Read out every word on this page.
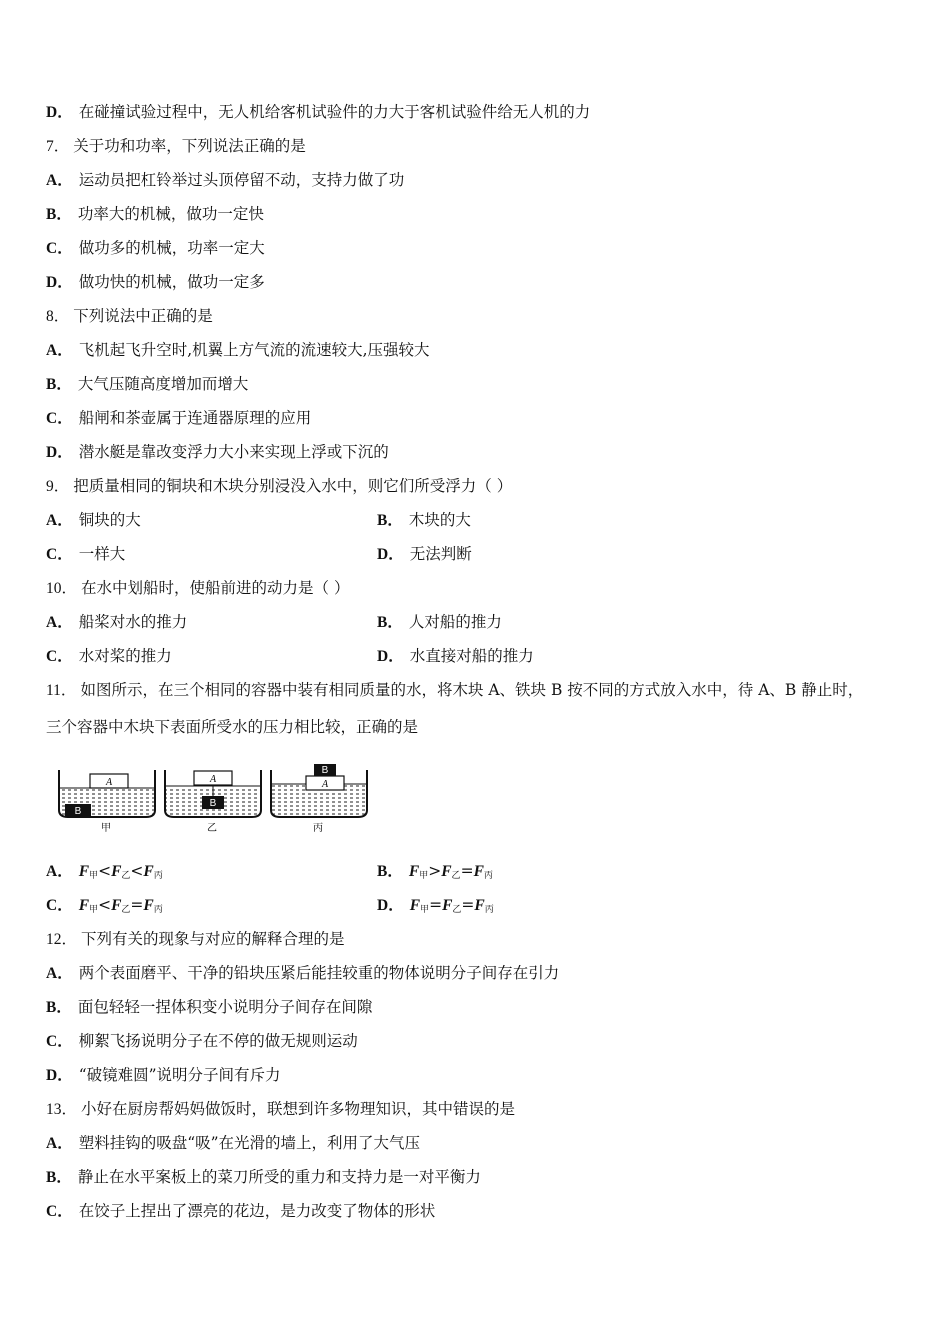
D． 在碰撞试验过程中，无人机给客机试验件的力大于客机试验件给无人机的力
7． 关于功和功率，下列说法正确的是
A． 运动员把杠铃举过头顶停留不动，支持力做了功
B． 功率大的机械，做功一定快
C． 做功多的机械，功率一定大
D． 做功快的机械，做功一定多
8． 下列说法中正确的是
A． 飞机起飞升空时,机翼上方气流的流速较大,压强较大
B． 大气压随高度增加而增大
C． 船闸和茶壶属于连通器原理的应用
D． 潜水艇是靠改变浮力大小来实现上浮或下沉的
9． 把质量相同的铜块和木块分别浸没入水中，则它们所受浮力（ ）
A． 铜块的大	B． 木块的大
C． 一样大	D． 无法判断
10． 在水中划船时，使船前进的动力是（ ）
A． 船桨对水的推力	B． 人对船的推力
C． 水对桨的推力	D． 水直接对船的推力
11． 如图所示，在三个相同的容器中装有相同质量的水，将木块 A、铁块 B 按不同的方式放入水中，待 A、B 静止时，
三个容器中木块下表面所受水的压力相比较，正确的是
A
B
甲
A
B
乙
A
B
丙
A． $F_甲<F_乙<F_丙$	B． $F_甲>F_乙=F_丙$
C． $F_甲<F_乙=F_丙$	D． $F_甲=F_乙=F_丙$
12． 下列有关的现象与对应的解释合理的是
A． 两个表面磨平、干净的铅块压紧后能挂较重的物体说明分子间存在引力
B． 面包轻轻一捏体积变小说明分子间存在间隙
C． 柳絮飞扬说明分子在不停的做无规则运动
D． “破镜难圆”说明分子间有斥力
13． 小好在厨房帮妈妈做饭时，联想到许多物理知识，其中错误的是
A． 塑料挂钩的吸盘“吸”在光滑的墙上，利用了大气压
B． 静止在水平案板上的菜刀所受的重力和支持力是一对平衡力
C． 在饺子上捏出了漂亮的花边，是力改变了物体的形状
